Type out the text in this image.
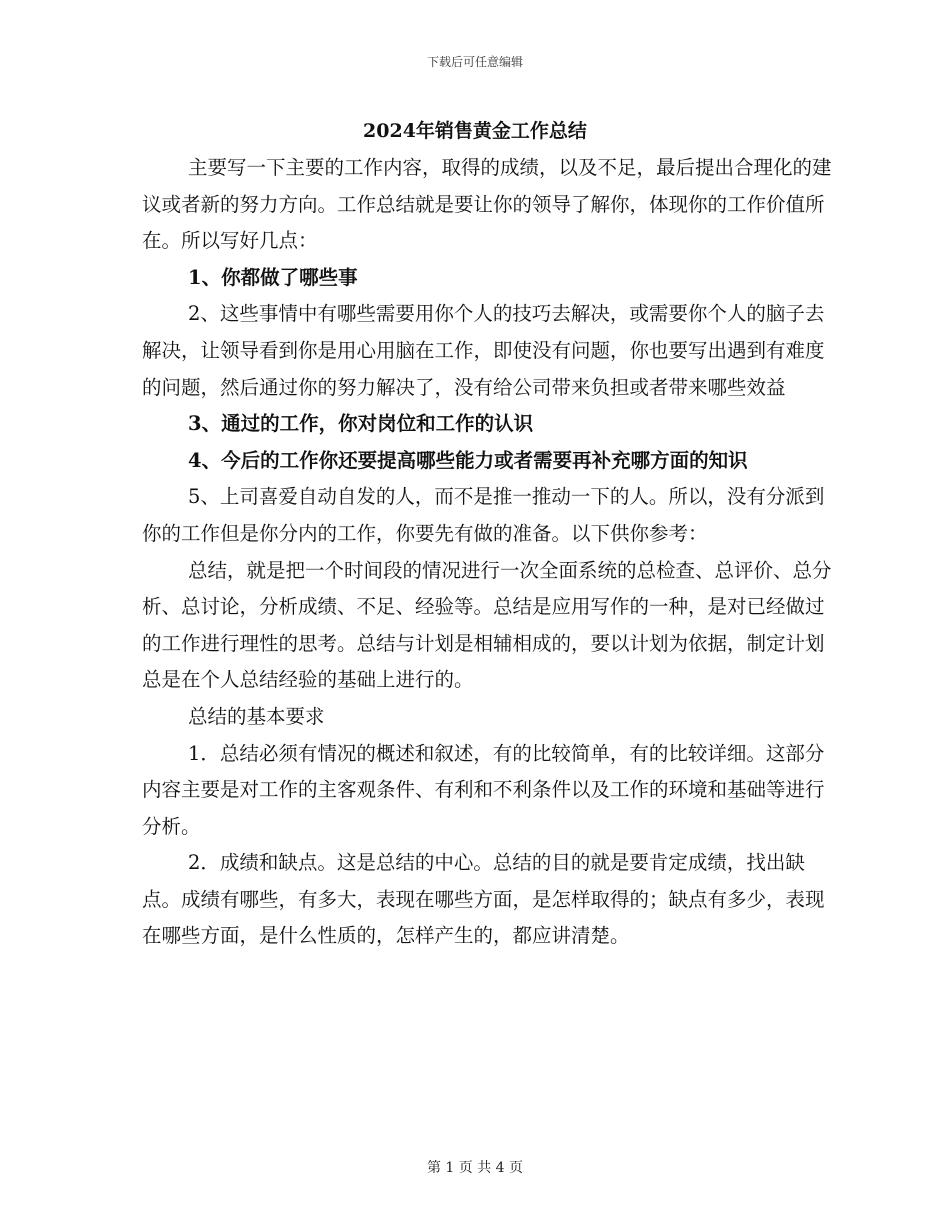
下载后可任意编辑
2024年销售黄金工作总结

主要写一下主要的工作内容，取得的成绩，以及不足，最后提出合理化的建议或者新的努力方向。工作总结就是要让你的领导了解你，体现你的工作价值所在。所以写好几点：

1、你都做了哪些事

2、这些事情中有哪些需要用你个人的技巧去解决，或需要你个人的脑子去解决，让领导看到你是用心用脑在工作，即使没有问题，你也要写出遇到有难度的问题，然后通过你的努力解决了，没有给公司带来负担或者带来哪些效益

3、通过的工作，你对岗位和工作的认识

4、今后的工作你还要提高哪些能力或者需要再补充哪方面的知识

5、上司喜爱自动自发的人，而不是推一推动一下的人。所以，没有分派到你的工作但是你分内的工作，你要先有做的准备。以下供你参考：

总结，就是把一个时间段的情况进行一次全面系统的总检查、总评价、总分析、总讨论，分析成绩、不足、经验等。总结是应用写作的一种，是对已经做过的工作进行理性的思考。总结与计划是相辅相成的，要以计划为依据，制定计划总是在个人总结经验的基础上进行的。

总结的基本要求

1．总结必须有情况的概述和叙述，有的比较简单，有的比较详细。这部分内容主要是对工作的主客观条件、有利和不利条件以及工作的环境和基础等进行分析。

2．成绩和缺点。这是总结的中心。总结的目的就是要肯定成绩，找出缺点。成绩有哪些，有多大，表现在哪些方面，是怎样取得的；缺点有多少，表现在哪些方面，是什么性质的，怎样产生的，都应讲清楚。

第 1 页 共 4 页
